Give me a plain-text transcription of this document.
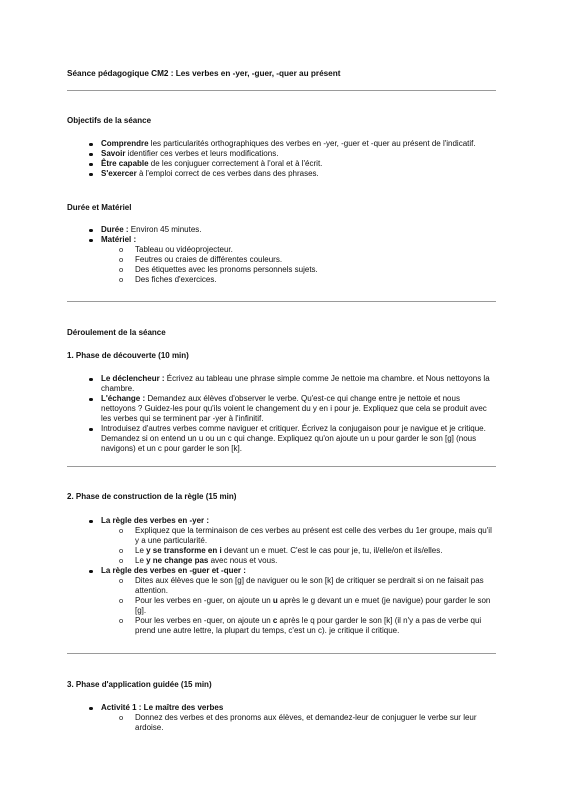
Séance pédagogique CM2 : Les verbes en -yer, -guer, -quer au présent
Objectifs de la séance
Comprendre les particularités orthographiques des verbes en -yer, -guer et -quer au présent de l'indicatif.
Savoir identifier ces verbes et leurs modifications.
Être capable de les conjuguer correctement à l'oral et à l'écrit.
S'exercer à l'emploi correct de ces verbes dans des phrases.
Durée et Matériel
Durée : Environ 45 minutes.
Matériel :
o Tableau ou vidéoprojecteur.
o Feutres ou craies de différentes couleurs.
o Des étiquettes avec les pronoms personnels sujets.
o Des fiches d'exercices.
Déroulement de la séance
1. Phase de découverte (10 min)
Le déclencheur : Écrivez au tableau une phrase simple comme Je nettoie ma chambre. et Nous nettoyons la chambre.
L'échange : Demandez aux élèves d'observer le verbe. Qu'est-ce qui change entre je nettoie et nous nettoyons ? Guidez-les pour qu'ils voient le changement du y en i pour je. Expliquez que cela se produit avec les verbes qui se terminent par -yer à l'infinitif.
Introduisez d'autres verbes comme naviguer et critiquer. Écrivez la conjugaison pour je navigue et je critique. Demandez si on entend un u ou un c qui change. Expliquez qu'on ajoute un u pour garder le son [g] (nous navigons) et un c pour garder le son [k].
2. Phase de construction de la règle (15 min)
La règle des verbes en -yer :
o Expliquez que la terminaison de ces verbes au présent est celle des verbes du 1er groupe, mais qu'il y a une particularité.
o Le y se transforme en i devant un e muet. C'est le cas pour je, tu, il/elle/on et ils/elles.
o Le y ne change pas avec nous et vous.
La règle des verbes en -guer et -quer :
o Dites aux élèves que le son [g] de naviguer ou le son [k] de critiquer se perdrait si on ne faisait pas attention.
o Pour les verbes en -guer, on ajoute un u après le g devant un e muet (je navigue) pour garder le son [g].
o Pour les verbes en -quer, on ajoute un c après le q pour garder le son [k] (il n'y a pas de verbe qui prend une autre lettre, la plupart du temps, c'est un c). je critique il critique.
3. Phase d'application guidée (15 min)
Activité 1 : Le maître des verbes
o Donnez des verbes et des pronoms aux élèves, et demandez-leur de conjuguer le verbe sur leur ardoise.
